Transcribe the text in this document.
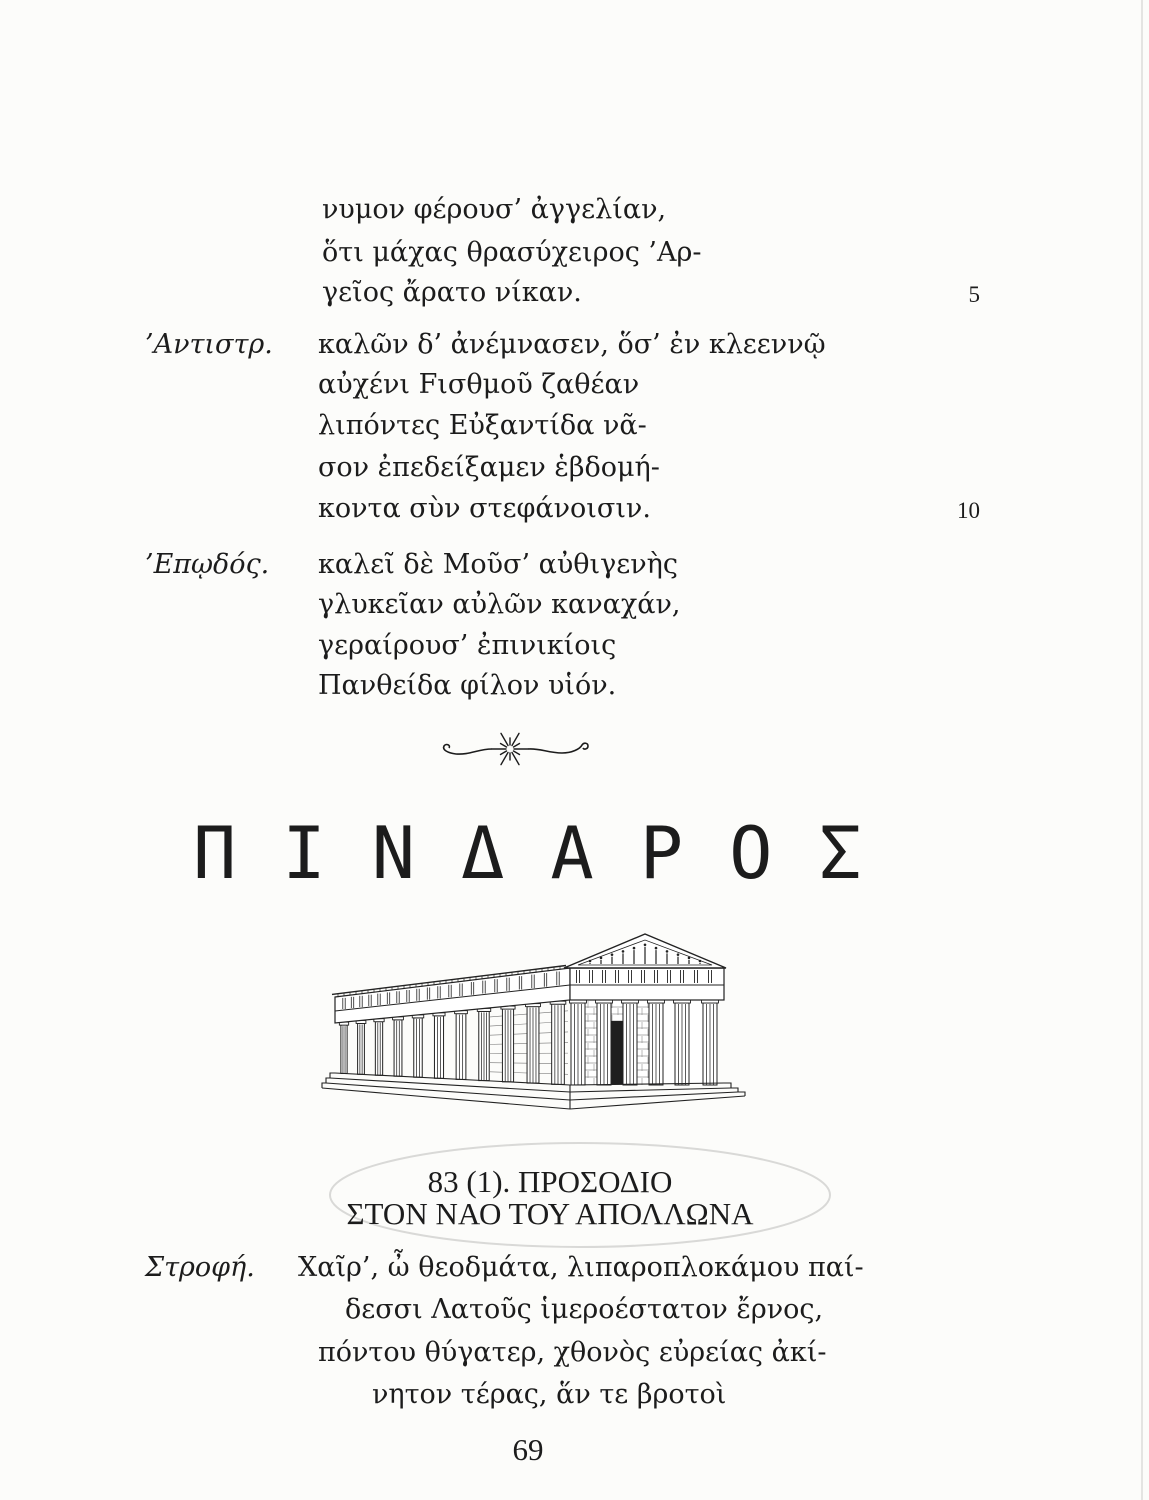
νυμον φέρουσ’ ἀγγελίαν,
ὅτι μάχας θρασύχειρος ’Αρ-
γεῖος ἄρατο νίκαν.	5
’Αντιστρ. καλῶν δ’ ἀνέμνασεν, ὅσ’ ἐν κλεεννῷ
αὐχένι Fισθμοῦ ζαθέαν
λιπόντες Εὐξαντίδα νᾶ-
σον ἐπεδείξαμεν ἑβδομή-
κοντα σὺν στεφάνοισιν.	10
’Επῳδός. καλεῖ δὲ Μοῦσ’ αὐθιγενὴς
γλυκεῖαν αὐλῶν καναχάν,
γεραίρουσ’ ἐπινικίοις
Πανθείδα φίλον υἱόν.
ΠΙΝΔΑΡΟΣ
83 (1). ΠΡΟΣΟΔΙΟ
ΣΤΟΝ ΝΑΟ ΤΟΥ ΑΠΟΛΛΩΝΑ
Στροφή. Χαῖρ’, ὦ θεοδμάτα, λιπαροπλοκάμου παί-
δεσσι Λατοῦς ἱμεροέστατον ἔρνος,
πόντου θύγατερ, χθονὸς εὐρείας ἀκί-
νητον τέρας, ἅν τε βροτοὶ
69
